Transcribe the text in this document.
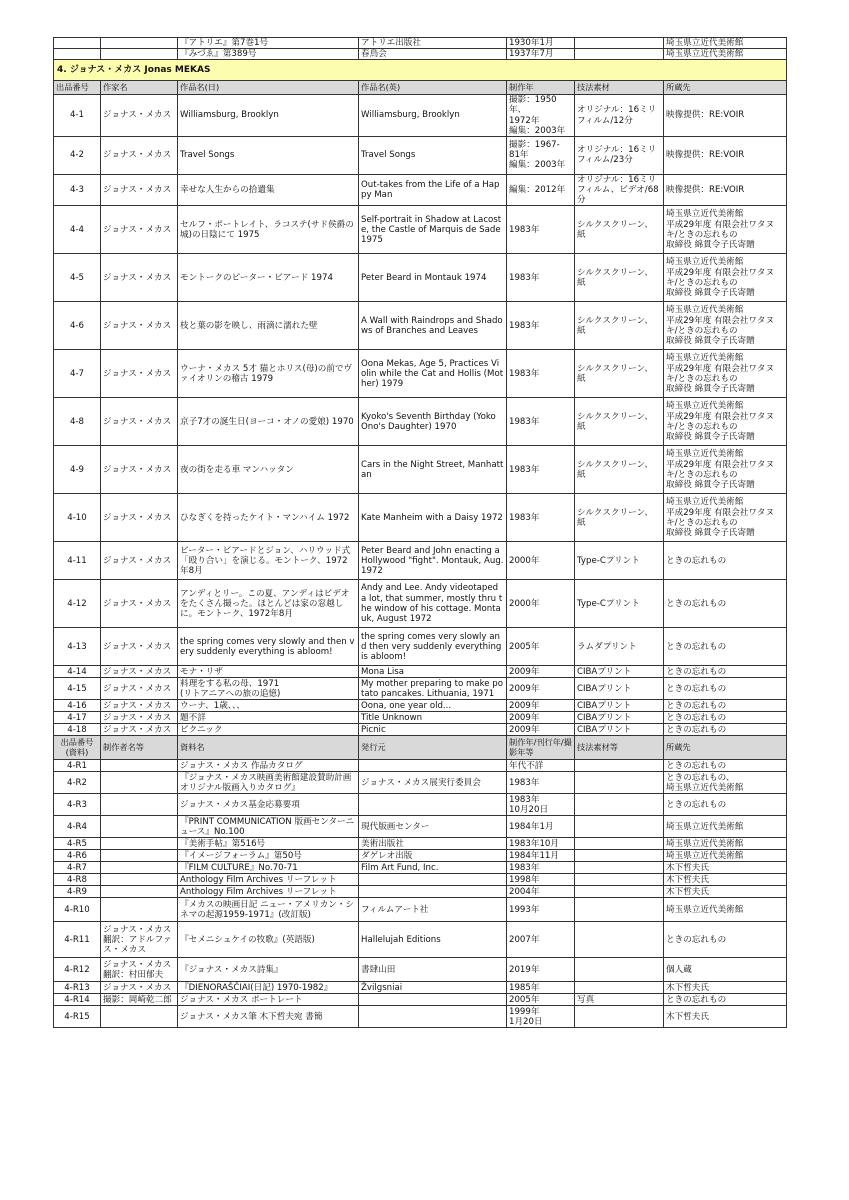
		『アトリエ』第7巻1号	アトリエ出版社	1930年1月		埼玉県立近代美術館
		『みづゑ』第389号	春鳥会	1937年7月		埼玉県立近代美術館
4. ジョナス・メカス Jonas MEKAS						
出品番号	作家名	作品名(日)	作品名(英)	制作年	技法素材	所蔵先
4-1	ジョナス・メカス	Williamsburg, Brooklyn	Williamsburg, Brooklyn	撮影：1950年、
1972年
編集：2003年	オリジナル：16ミリフィルム/12分	映像提供：RE:VOIR
4-2	ジョナス・メカス	Travel Songs	Travel Songs	撮影：1967-
81年
編集：2003年	オリジナル：16ミリフィルム/23分	映像提供：RE:VOIR
4-3	ジョナス・メカス	幸せな人生からの拾遺集	Out-takes from the Life of a Happy Man	編集：2012年	オリジナル：16ミリフィルム、ビデオ/68分	映像提供：RE:VOIR
4-4	ジョナス・メカス	セルフ・ポートレイト、ラコステ(サド侯爵の城)の日陰にて 1975	Self-portrait in Shadow at Lacoste, the Castle of Marquis de Sade 1975	1983年	シルクスクリーン、紙	埼玉県立近代美術館
平成29年度 有限会社ワタヌキ/ときの忘れもの
取締役 綿貫令子氏寄贈
4-5	ジョナス・メカス	モントークのピーター・ビアード 1974	Peter Beard in Montauk 1974	1983年	シルクスクリーン、紙	埼玉県立近代美術館
平成29年度 有限会社ワタヌキ/ときの忘れもの
取締役 綿貫令子氏寄贈
4-6	ジョナス・メカス	枝と葉の影を映し、雨滴に濡れた壁	A Wall with Raindrops and Shadows of Branches and Leaves	1983年	シルクスクリーン、紙	埼玉県立近代美術館
平成29年度 有限会社ワタヌキ/ときの忘れもの
取締役 綿貫令子氏寄贈
4-7	ジョナス・メカス	ウーナ・メカス 5才 猫とホリス(母)の前でヴァイオリンの稽古 1979	Oona Mekas, Age 5, Practices Violin while the Cat and Hollis (Mother) 1979	1983年	シルクスクリーン、紙	埼玉県立近代美術館
平成29年度 有限会社ワタヌキ/ときの忘れもの
取締役 綿貫令子氏寄贈
4-8	ジョナス・メカス	京子7才の誕生日(ヨーコ・オノの愛娘) 1970	Kyoko's Seventh Birthday (Yoko Ono's Daughter) 1970	1983年	シルクスクリーン、紙	埼玉県立近代美術館
平成29年度 有限会社ワタヌキ/ときの忘れもの
取締役 綿貫令子氏寄贈
4-9	ジョナス・メカス	夜の街を走る車 マンハッタン	Cars in the Night Street, Manhattan	1983年	シルクスクリーン、紙	埼玉県立近代美術館
平成29年度 有限会社ワタヌキ/ときの忘れもの
取締役 綿貫令子氏寄贈
4-10	ジョナス・メカス	ひなぎくを持ったケイト・マンハイム 1972	Kate Manheim with a Daisy 1972	1983年	シルクスクリーン、紙	埼玉県立近代美術館
平成29年度 有限会社ワタヌキ/ときの忘れもの
取締役 綿貫令子氏寄贈
4-11	ジョナス・メカス	ピーター・ビアードとジョン、ハリウッド式「殴り合い」を演じる。モントーク、1972年8月	Peter Beard and John enacting a Hollywood "fight". Montauk, Aug. 1972	2000年	Type-Cプリント	ときの忘れもの
4-12	ジョナス・メカス	アンディとリー。この夏、アンディはビデオをたくさん撮った。ほとんどは家の窓越しに。モントーク、1972年8月	Andy and Lee. Andy videotaped a lot, that summer, mostly thru the window of his cottage. Montauk, August 1972	2000年	Type-Cプリント	ときの忘れもの
4-13	ジョナス・メカス	the spring comes very slowly and then very suddenly everything is abloom!	the spring comes very slowly and then very suddenly everything is abloom!	2005年	ラムダプリント	ときの忘れもの
4-14	ジョナス・メカス	モナ・リザ	Mona Lisa	2009年	CIBAプリント	ときの忘れもの
4-15	ジョナス・メカス	料理をする私の母、1971
(リトアニアへの旅の追憶)	My mother preparing to make potato pancakes. Lithuania, 1971	2009年	CIBAプリント	ときの忘れもの
4-16	ジョナス・メカス	ウーナ、1歳、、、	Oona, one year old...	2009年	CIBAプリント	ときの忘れもの
4-17	ジョナス・メカス	題不詳	Title Unknown	2009年	CIBAプリント	ときの忘れもの
4-18	ジョナス・メカス	ピクニック	Picnic	2009年	CIBAプリント	ときの忘れもの
出品番号
(資料)	制作者名等	資料名	発行元	制作年/刊行年/撮影年等	技法素材等	所蔵先
4-R1		ジョナス・メカス 作品カタログ		年代不詳		ときの忘れもの
4-R2		『ジョナス・メカス映画美術館建設賛助計画 オリジナル版画入りカタログ』	ジョナス・メカス展実行委員会	1983年		ときの忘れもの、
埼玉県立近代美術館
4-R3		ジョナス・メカス基金応募要項		1983年
10月20日		ときの忘れもの
4-R4		『PRINT COMMUNICATION 版画センターニュース』No.100	現代版画センター	1984年1月		埼玉県立近代美術館
4-R5		『美術手帖』第516号	美術出版社	1983年10月		埼玉県立近代美術館
4-R6		『イメージフォーラム』第50号	ダゲレオ出版	1984年11月		埼玉県立近代美術館
4-R7		『FILM CULTURE』No.70-71	Film Art Fund, Inc.	1983年		木下哲夫氏
4-R8		Anthology Film Archives リーフレット		1998年		木下哲夫氏
4-R9		Anthology Film Archives リーフレット		2004年		木下哲夫氏
4-R10		『メカスの映画日記 ニュー・アメリカン・シネマの起源1959-1971』(改訂版)	フィルムアート社	1993年		埼玉県立近代美術館
4-R11	ジョナス・メカス
翻訳：アドルファス・メカス	『セメニシュケイの牧歌』(英語版)	Hallelujah Editions	2007年		ときの忘れもの
4-R12	ジョナス・メカス
翻訳：村田郁夫	『ジョナス・メカス詩集』	書肆山田	2019年		個人蔵
4-R13	ジョナス・メカス	『DIENORAŠČIAI(日記) 1970-1982』	Žvilgsniai	1985年		木下哲夫氏
4-R14	撮影：岡崎乾二郎	ジョナス・メカス ポートレート		2005年	写真	ときの忘れもの
4-R15		ジョナス・メカス筆 木下哲夫宛 書簡		1999年
1月20日		木下哲夫氏
